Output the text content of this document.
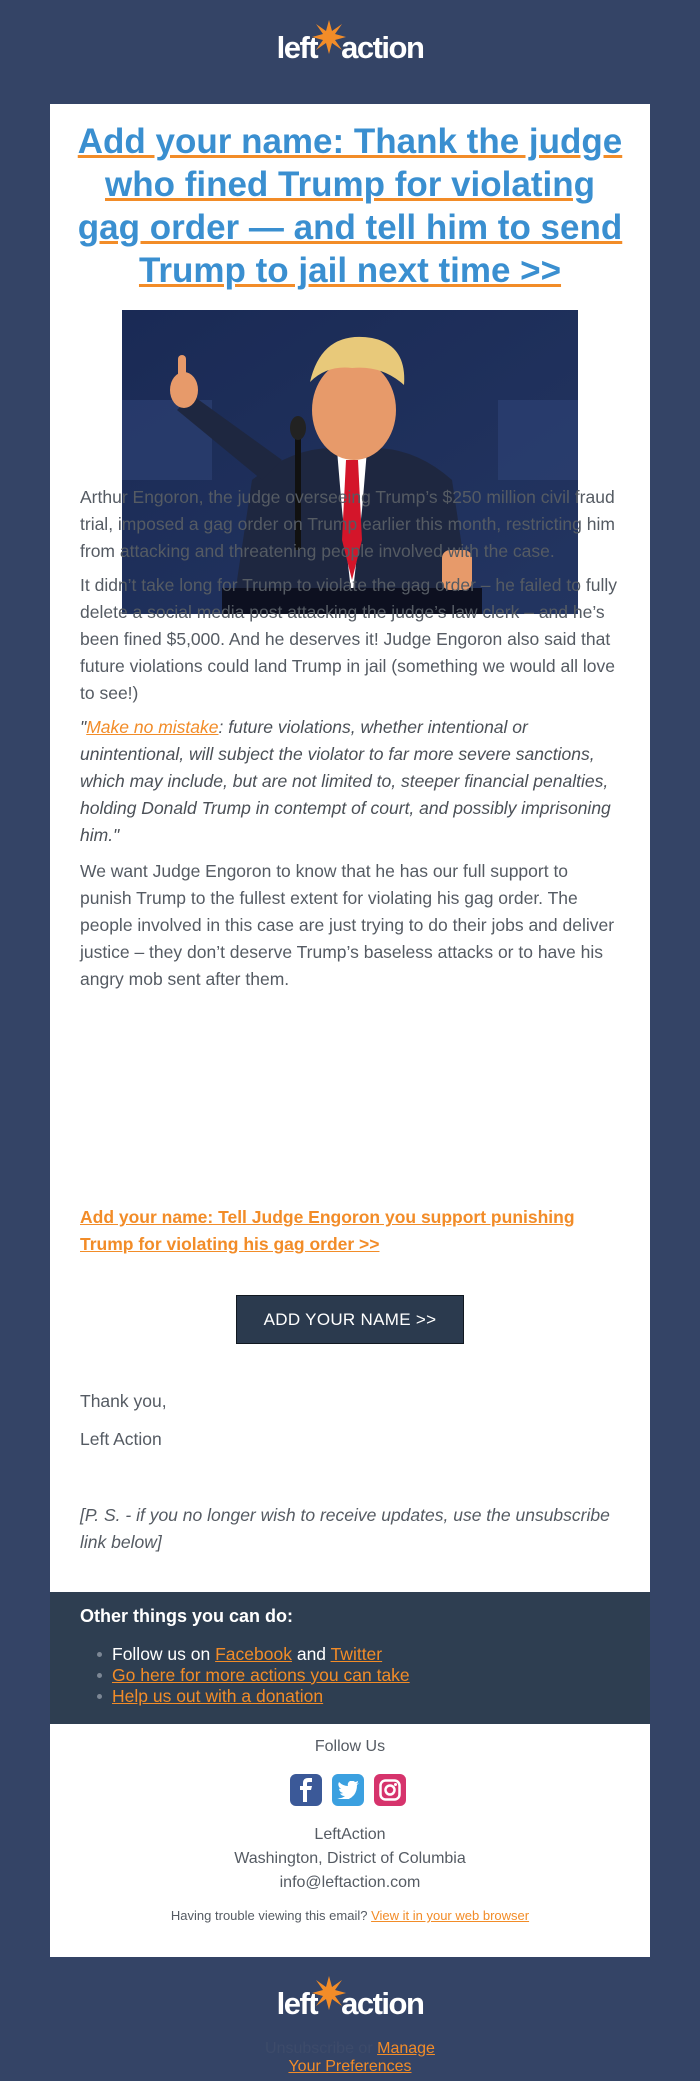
left action
Add your name: Thank the judge who fined Trump for violating gag order — and tell him to send Trump to jail next time >>
Arthur Engoron, the judge overseeing Trump’s $250 million civil fraud trial, imposed a gag order on Trump earlier this month, restricting him from attacking and threatening people involved with the case.
It didn’t take long for Trump to violate the gag order – he failed to fully delete a social media post attacking the judge’s law clerk – and he’s been fined $5,000. And he deserves it! Judge Engoron also said that future violations could land Trump in jail (something we would all love to see!)
"Make no mistake: future violations, whether intentional or unintentional, will subject the violator to far more severe sanctions, which may include, but are not limited to, steeper financial penalties, holding Donald Trump in contempt of court, and possibly imprisoning him."
We want Judge Engoron to know that he has our full support to punish Trump to the fullest extent for violating his gag order. The people involved in this case are just trying to do their jobs and deliver justice – they don’t deserve Trump’s baseless attacks or to have his angry mob sent after them.
Add your name: Tell Judge Engoron you support punishing Trump for violating his gag order >>
ADD YOUR NAME >>
Thank you,
Left Action
[P. S. - if you no longer wish to receive updates, use the unsubscribe link below]
Other things you can do:
Follow us on Facebook and Twitter
Go here for more actions you can take
Help us out with a donation
Follow Us
LeftAction
Washington, District of Columbia
info@leftaction.com
Having trouble viewing this email? View it in your web browser
left action
Unsubscribe or Manage
Your Preferences
